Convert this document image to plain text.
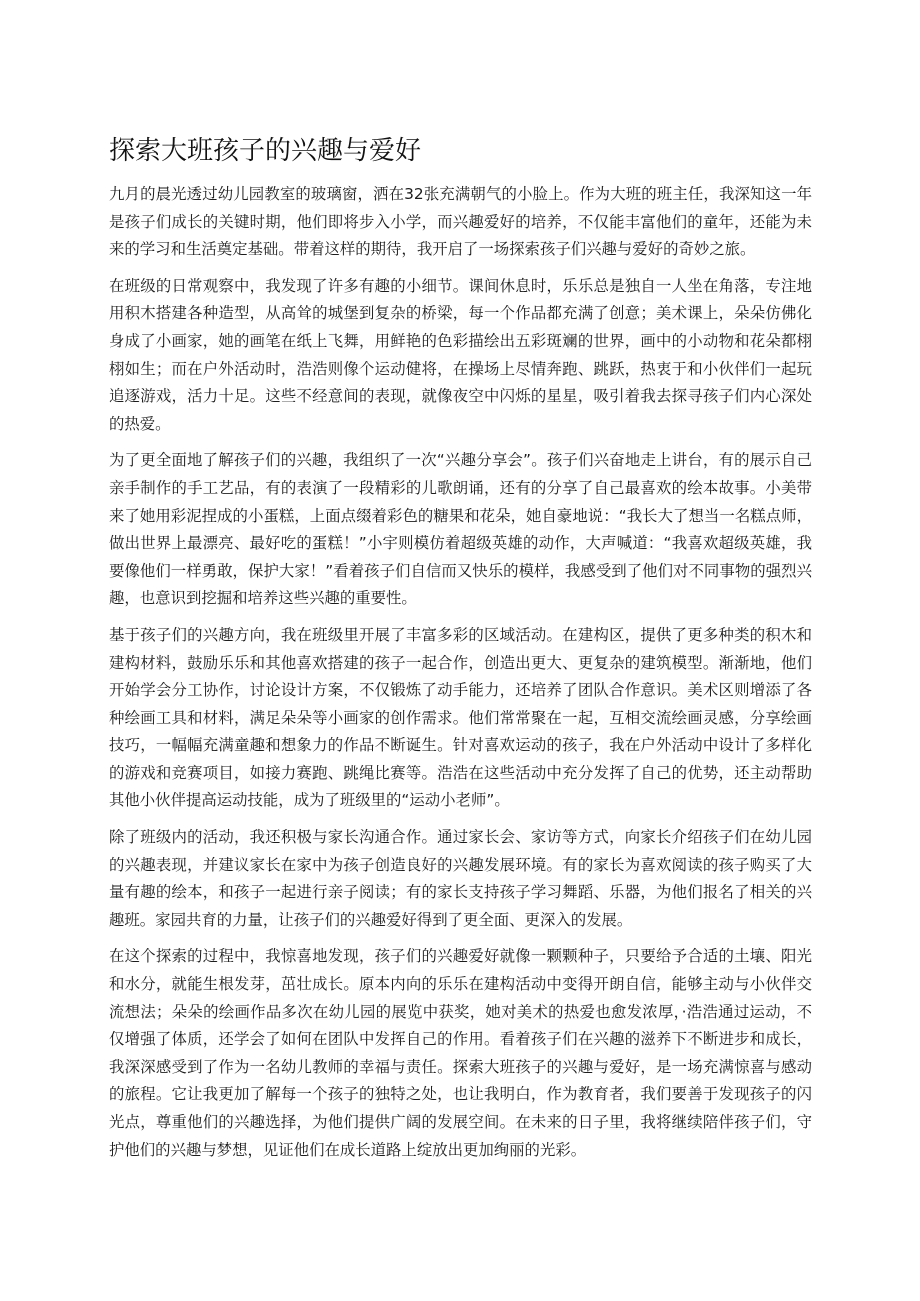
探索大班孩子的兴趣与爱好

九月的晨光透过幼儿园教室的玻璃窗，洒在32张充满朝气的小脸上。作为大班的班主任，我深知这一年是孩子们成长的关键时期，他们即将步入小学，而兴趣爱好的培养，不仅能丰富他们的童年，还能为未来的学习和生活奠定基础。带着这样的期待，我开启了一场探索孩子们兴趣与爱好的奇妙之旅。

在班级的日常观察中，我发现了许多有趣的小细节。课间休息时，乐乐总是独自一人坐在角落，专注地用积木搭建各种造型，从高耸的城堡到复杂的桥梁，每一个作品都充满了创意；美术课上，朵朵仿佛化身成了小画家，她的画笔在纸上飞舞，用鲜艳的色彩描绘出五彩斑斓的世界，画中的小动物和花朵都栩栩如生；而在户外活动时，浩浩则像个运动健将，在操场上尽情奔跑、跳跃，热衷于和小伙伴们一起玩追逐游戏，活力十足。这些不经意间的表现，就像夜空中闪烁的星星，吸引着我去探寻孩子们内心深处的热爱。

为了更全面地了解孩子们的兴趣，我组织了一次“兴趣分享会”。孩子们兴奋地走上讲台，有的展示自己亲手制作的手工艺品，有的表演了一段精彩的儿歌朗诵，还有的分享了自己最喜欢的绘本故事。小美带来了她用彩泥捏成的小蛋糕，上面点缀着彩色的糖果和花朵，她自豪地说：“我长大了想当一名糕点师，做出世界上最漂亮、最好吃的蛋糕！”小宇则模仿着超级英雄的动作，大声喊道：“我喜欢超级英雄，我要像他们一样勇敢，保护大家！”看着孩子们自信而又快乐的模样，我感受到了他们对不同事物的强烈兴趣，也意识到挖掘和培养这些兴趣的重要性。

基于孩子们的兴趣方向，我在班级里开展了丰富多彩的区域活动。在建构区，提供了更多种类的积木和建构材料，鼓励乐乐和其他喜欢搭建的孩子一起合作，创造出更大、更复杂的建筑模型。渐渐地，他们开始学会分工协作，讨论设计方案，不仅锻炼了动手能力，还培养了团队合作意识。美术区则增添了各种绘画工具和材料，满足朵朵等小画家的创作需求。他们常常聚在一起，互相交流绘画灵感，分享绘画技巧，一幅幅充满童趣和想象力的作品不断诞生。针对喜欢运动的孩子，我在户外活动中设计了多样化的游戏和竞赛项目，如接力赛跑、跳绳比赛等。浩浩在这些活动中充分发挥了自己的优势，还主动帮助其他小伙伴提高运动技能，成为了班级里的“运动小老师”。

除了班级内的活动，我还积极与家长沟通合作。通过家长会、家访等方式，向家长介绍孩子们在幼儿园的兴趣表现，并建议家长在家中为孩子创造良好的兴趣发展环境。有的家长为喜欢阅读的孩子购买了大量有趣的绘本，和孩子一起进行亲子阅读；有的家长支持孩子学习舞蹈、乐器，为他们报名了相关的兴趣班。家园共育的力量，让孩子们的兴趣爱好得到了更全面、更深入的发展。

在这个探索的过程中，我惊喜地发现，孩子们的兴趣爱好就像一颗颗种子，只要给予合适的土壤、阳光和水分，就能生根发芽，茁壮成长。原本内向的乐乐在建构活动中变得开朗自信，能够主动与小伙伴交流想法；朵朵的绘画作品多次在幼儿园的展览中获奖，她对美术的热爱也愈发浓厚，·浩浩通过运动，不仅增强了体质，还学会了如何在团队中发挥自己的作用。看着孩子们在兴趣的滋养下不断进步和成长，我深深感受到了作为一名幼儿教师的幸福与责任。探索大班孩子的兴趣与爱好，是一场充满惊喜与感动的旅程。它让我更加了解每一个孩子的独特之处，也让我明白，作为教育者，我们要善于发现孩子的闪光点，尊重他们的兴趣选择，为他们提供广阔的发展空间。在未来的日子里，我将继续陪伴孩子们，守护他们的兴趣与梦想，见证他们在成长道路上绽放出更加绚丽的光彩。
